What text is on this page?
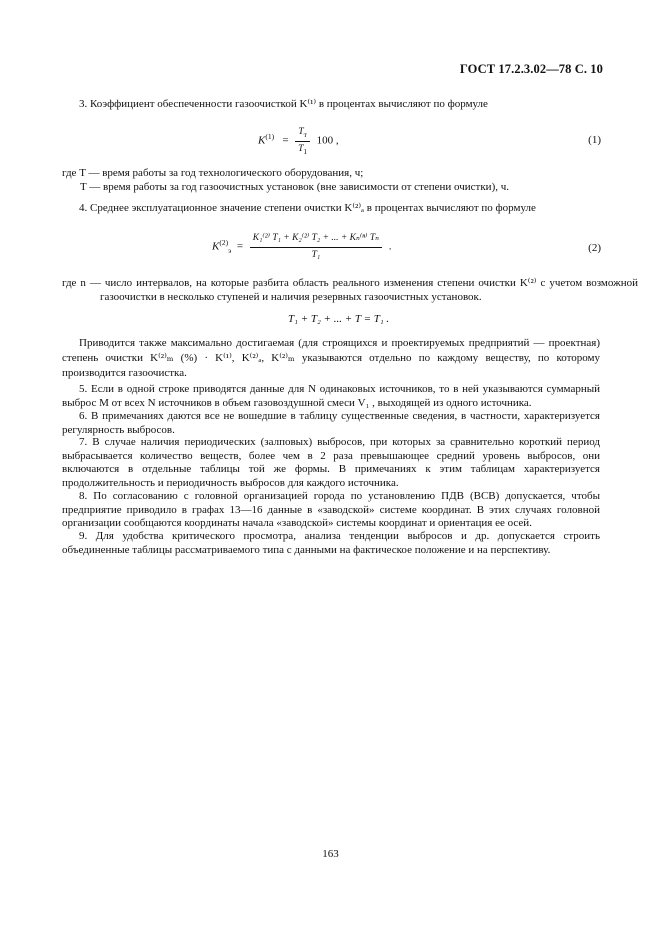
ГОСТ 17.2.3.02—78 С. 10
3. Коэффициент обеспеченности газоочисткой K⁽¹⁾ в процентах вычисляют по формуле
$K^{(1)} = \frac{T_т}{T_1} 100$ ,	(1)
где T — время работы за год технологического оборудования, ч;
T — время работы за год газоочистных установок (вне зависимости от степени очистки), ч.
4. Среднее эксплуатационное значение степени очистки K⁽²⁾ₐ в процентах вычисляют по формуле
$K^{(2)}_э = \frac{\text{K₁⁽²⁾ T₁ + K₂⁽²⁾ T₂ + ... + Kₙ⁽ⁿ⁾ Tₙ}}{\text{T₁}}$ .	(2)
где n — число интервалов, на которые разбита область реального изменения степени очистки K⁽²⁾ с учетом возможной газоочистки в несколько ступеней и наличия резервных газоочистных установок.
T₁ + T₂ + ... + T = T₁ .
Приводится также максимально достигаемая (для строящихся и проектируемых предприятий — проектная) степень очистки K⁽²⁾ₘ (%) · K⁽¹⁾, K⁽²⁾ₐ, K⁽²⁾ₘ указываются отдельно по каждому веществу, по которому производится газоочистка.
5. Если в одной строке приводятся данные для N одинаковых источников, то в ней указываются суммарный выброс M от всех N источников в объем газовоздушной смеси V₁ , выходящей из одного источника.
6. В примечаниях даются все не вошедшие в таблицу существенные сведения, в частности, характеризуется регулярность выбросов.
7. В случае наличия периодических (залповых) выбросов, при которых за сравнительно короткий период выбрасывается количество веществ, более чем в 2 раза превышающее средний уровень выбросов, они включаются в отдельные таблицы той же формы. В примечаниях к этим таблицам характеризуется продолжительность и периодичность выбросов для каждого источника.
8. По согласованию с головной организацией города по установлению ПДВ (ВСВ) допускается, чтобы предприятие приводило в графах 13—16 данные в «заводской» системе координат. В этих случаях головной организации сообщаются координаты начала «заводской» системы координат и ориентация ее осей.
9. Для удобства критического просмотра, анализа тенденции выбросов и др. допускается строить объединенные таблицы рассматриваемого типа с данными на фактическое положение и на перспективу.
163
